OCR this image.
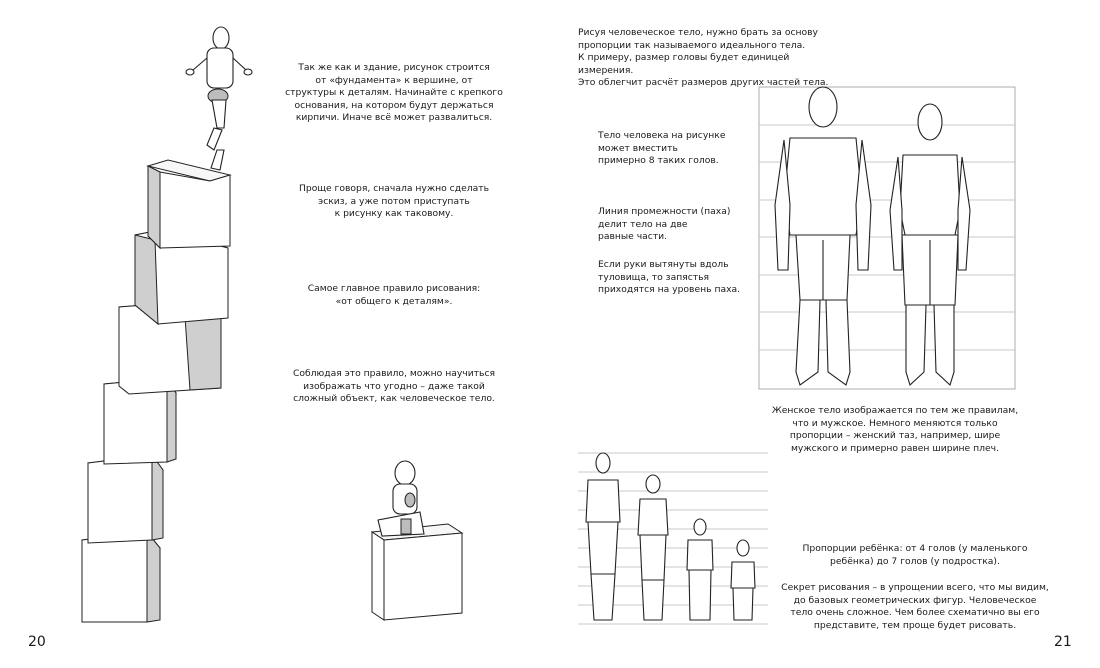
Так же как и здание, рисунок строится
от «фундамента» к вершине, от
структуры к деталям. Начинайте с крепкого
основания, на котором будут держаться
кирпичи. Иначе всё может развалиться.
Проще говоря, сначала нужно сделать
эскиз, а уже потом приступать
к рисунку как таковому.
Самое главное правило рисования:
«от общего к деталям».
Соблюдая это правило, можно научиться
изображать что угодно – даже такой
сложный объект, как человеческое тело.
20
Рисуя человеческое тело, нужно брать за основу
пропорции так называемого идеального тела.
К примеру, размер головы будет единицей измерения.
Это облегчит расчёт размеров других частей тела.
Тело человека на рисунке
может вместить
примерно 8 таких голов.
Линия промежности (паха)
делит тело на две
равные части.
Если руки вытянуты вдоль
туловища, то запястья
приходятся на уровень паха.
Женское тело изображается по тем же правилам,
что и мужское. Немного меняются только
пропорции – женский таз, например, шире
мужского и примерно равен ширине плеч.
Пропорции ребёнка: от 4 голов (у маленького
ребёнка) до 7 голов (у подростка).
Секрет рисования – в упрощении всего, что мы видим,
до базовых геометрических фигур. Человеческое
тело очень сложное. Чем более схематично вы его
представите, тем проще будет рисовать.
21
